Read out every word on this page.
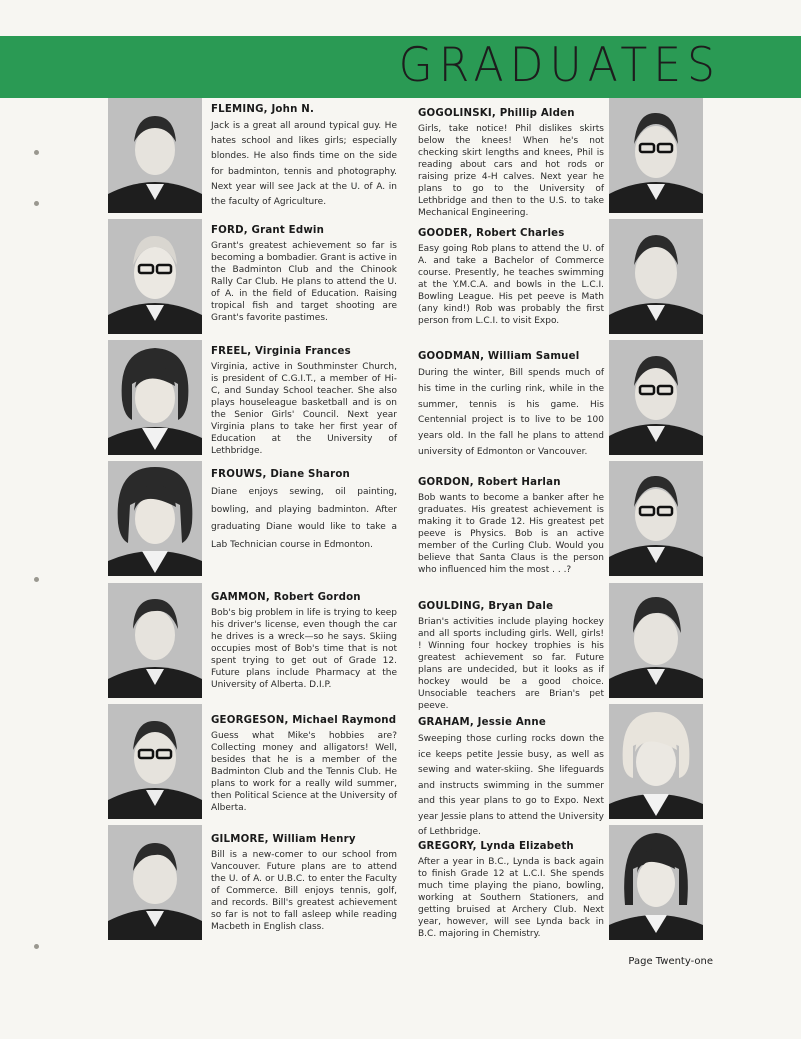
GRADUATES

FLEMING, John N.

Jack is a great all around typical guy. He hates school and likes girls; especially blondes. He also finds time on the side for badminton, tennis and photography. Next year will see Jack at the U. of A. in the faculty of Agriculture.

FORD, Grant Edwin

Grant's greatest achievement so far is becoming a bombadier. Grant is active in the Badminton Club and the Chinook Rally Car Club. He plans to attend the U. of A. in the field of Education. Raising tropical fish and target shooting are Grant's favorite pastimes.

FREEL, Virginia Frances

Virginia, active in Southminster Church, is president of C.G.I.T., a member of Hi-C, and Sunday School teacher. She also plays houseleague basketball and is on the Senior Girls' Council. Next year Virginia plans to take her first year of Education at the University of Lethbridge.

FROUWS, Diane Sharon

Diane enjoys sewing, oil painting, bowling, and playing badminton. After graduating Diane would like to take a Lab Technician course in Edmonton.

GAMMON, Robert Gordon

Bob's big problem in life is trying to keep his driver's license, even though the car he drives is a wreck—so he says. Skiing occupies most of Bob's time that is not spent trying to get out of Grade 12. Future plans include Pharmacy at the University of Alberta. D.I.P.

GEORGESON, Michael Raymond

Guess what Mike's hobbies are? Collecting money and alligators! Well, besides that he is a member of the Badminton Club and the Tennis Club. He plans to work for a really wild summer, then Political Science at the University of Alberta.

GILMORE, William Henry

Bill is a new-comer to our school from Vancouver. Future plans are to attend the U. of A. or U.B.C. to enter the Faculty of Commerce. Bill enjoys tennis, golf, and records. Bill's greatest achievement so far is not to fall asleep while reading Macbeth in English class.

GOGOLINSKI, Phillip Alden

Girls, take notice! Phil dislikes skirts below the knees! When he's not checking skirt lengths and knees, Phil is reading about cars and hot rods or raising prize 4-H calves. Next year he plans to go to the University of Lethbridge and then to the U.S. to take Mechanical Engineering.

GOODER, Robert Charles

Easy going Rob plans to attend the U. of A. and take a Bachelor of Commerce course. Presently, he teaches swimming at the Y.M.C.A. and bowls in the L.C.I. Bowling League. His pet peeve is Math (any kind!) Rob was probably the first person from L.C.I. to visit Expo.

GOODMAN, William Samuel

During the winter, Bill spends much of his time in the curling rink, while in the summer, tennis is his game. His Centennial project is to live to be 100 years old. In the fall he plans to attend university of Edmonton or Vancouver.

GORDON, Robert Harlan

Bob wants to become a banker after he graduates. His greatest achievement is making it to Grade 12. His greatest pet peeve is Physics. Bob is an active member of the Curling Club. Would you believe that Santa Claus is the person who influenced him the most . . .?

GOULDING, Bryan Dale

Brian's activities include playing hockey and all sports including girls. Well, girls! ! Winning four hockey trophies is his greatest achievement so far. Future plans are undecided, but it looks as if hockey would be a good choice. Unsociable teachers are Brian's pet peeve.

GRAHAM, Jessie Anne

Sweeping those curling rocks down the ice keeps petite Jessie busy, as well as sewing and water-skiing. She lifeguards and instructs swimming in the summer and this year plans to go to Expo. Next year Jessie plans to attend the University of Lethbridge.

GREGORY, Lynda Elizabeth

After a year in B.C., Lynda is back again to finish Grade 12 at L.C.I. She spends much time playing the piano, bowling, working at Southern Stationers, and getting bruised at Archery Club. Next year, however, will see Lynda back in B.C. majoring in Chemistry.

Page Twenty-one
